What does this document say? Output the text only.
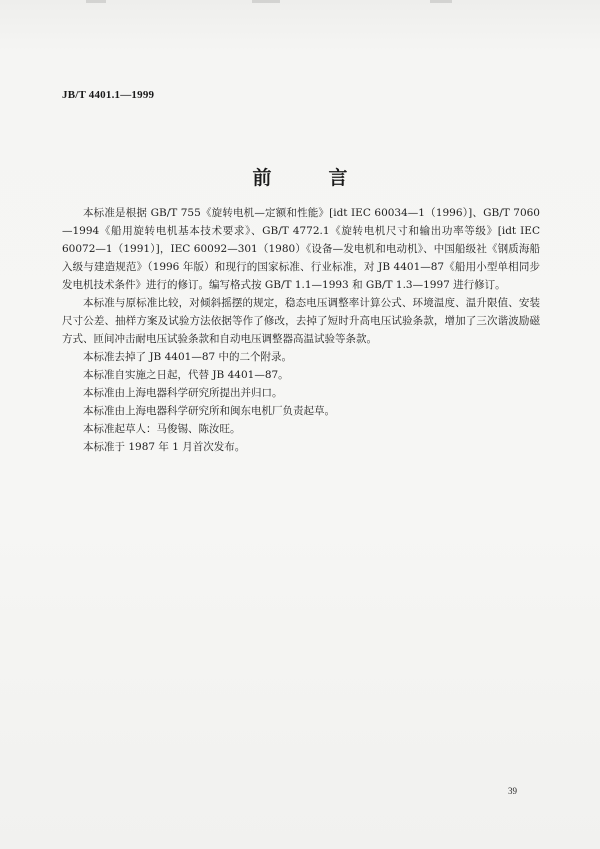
JB/T 4401.1—1999
前　言

本标准是根据 GB/T 755《旋转电机—定额和性能》[idt IEC 60034—1（1996）]、GB/T 7060—1994《船用旋转电机基本技术要求》、GB/T 4772.1《旋转电机尺寸和输出功率等级》[idt IEC 60072—1（1991）]，IEC 60092—301（1980）《设备—发电机和电动机》、中国船级社《钢质海船入级与建造规范》（1996 年版）和现行的国家标准、行业标准，对 JB 4401—87《船用小型单相同步发电机技术条件》进行的修订。编写格式按 GB/T 1.1—1993 和 GB/T 1.3—1997 进行修订。

本标准与原标准比较，对倾斜摇摆的规定，稳态电压调整率计算公式、环境温度、温升限值、安装尺寸公差、抽样方案及试验方法依据等作了修改，去掉了短时升高电压试验条款，增加了三次谐波励磁方式、匝间冲击耐电压试验条款和自动电压调整器高温试验等条款。

本标准去掉了 JB 4401—87 中的二个附录。

本标准自实施之日起，代替 JB 4401—87。

本标准由上海电器科学研究所提出并归口。

本标准由上海电器科学研究所和闽东电机厂负责起草。

本标准起草人：马俊锡、陈汝旺。

本标准于 1987 年 1 月首次发布。

39
